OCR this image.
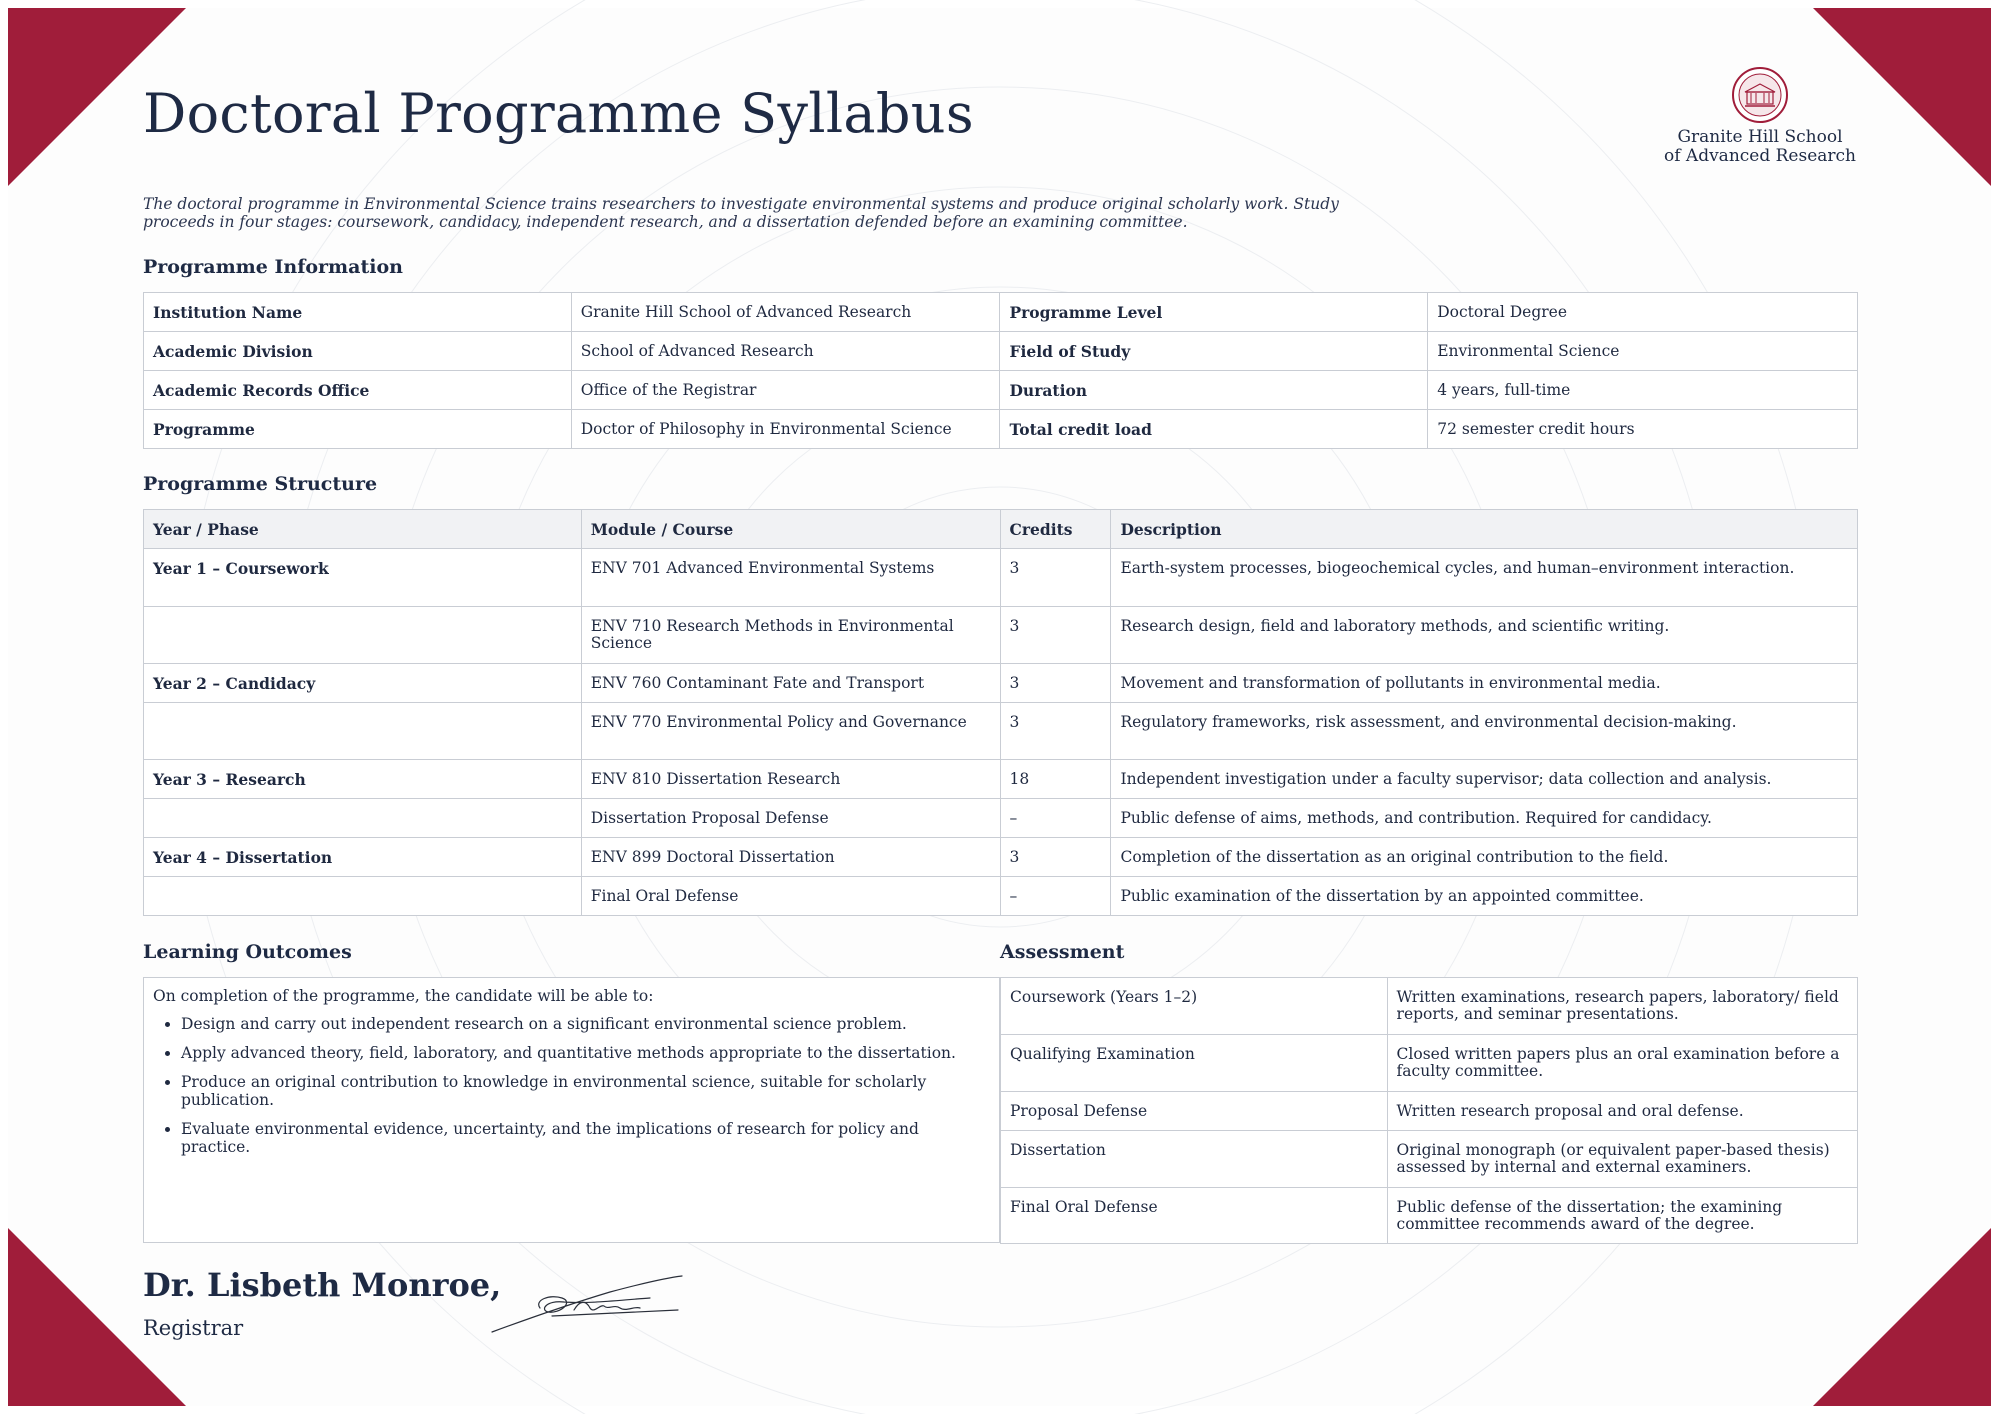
Doctoral Programme Syllabus	Granite Hill School
of Advanced Research
The doctoral programme in Environmental Science trains researchers to investigate environmental systems and produce original scholarly work. Study proceeds in four stages: coursework, candidacy, independent research, and a dissertation defended before an examining committee.
Programme Information
Institution Name	Granite Hill School of Advanced Research	Programme Level	Doctoral Degree
Academic Division	School of Advanced Research	Field of Study	Environmental Science
Academic Records Office	Office of the Registrar	Duration	4 years, full-time
Programme	Doctor of Philosophy in Environmental Science	Total credit load	72 semester credit hours
Programme Structure
Year / Phase	Module / Course	Credits	Description
Year 1 – Coursework	ENV 701 Advanced Environmental Systems	3	Earth-system processes, biogeochemical cycles, and human–environment interaction.
	ENV 710 Research Methods in Environmental Science	3	Research design, field and laboratory methods, and scientific writing.
Year 2 – Candidacy	ENV 760 Contaminant Fate and Transport	3	Movement and transformation of pollutants in environmental media.
	ENV 770 Environmental Policy and Governance	3	Regulatory frameworks, risk assessment, and environmental decision-making.
Year 3 – Research	ENV 810 Dissertation Research	18	Independent investigation under a faculty supervisor; data collection and analysis.
	Dissertation Proposal Defense	–	Public defense of aims, methods, and contribution. Required for candidacy.
Year 4 – Dissertation	ENV 899 Doctoral Dissertation	3	Completion of the dissertation as an original contribution to the field.
	Final Oral Defense	–	Public examination of the dissertation by an appointed committee.
Learning Outcomes

On completion of the programme, the candidate will be able to:

• Design and carry out independent research on a significant environmental science problem.
• Apply advanced theory, field, laboratory, and quantitative methods appropriate to the dissertation.
• Produce an original contribution to knowledge in environmental science, suitable for scholarly publication.
• Evaluate environmental evidence, uncertainty, and the implications of research for policy and practice.
Assessment
Coursework (Years 1–2)	Written examinations, research papers, laboratory/ field reports, and seminar presentations.
Qualifying Examination	Closed written papers plus an oral examination before a faculty committee.
Proposal Defense	Written research proposal and oral defense.
Dissertation	Original monograph (or equivalent paper-based thesis) assessed by internal and external examiners.
Final Oral Defense	Public defense of the dissertation; the examining committee recommends award of the degree.
Dr. Lisbeth Monroe,
Registrar
